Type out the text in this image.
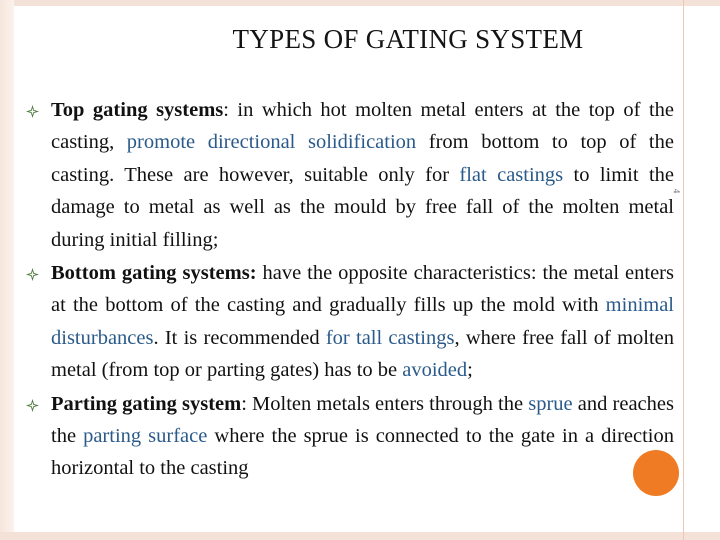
4
TYPES OF GATING SYSTEM
Top gating systems: in which hot molten metal enters at the top of the casting, promote directional solidification from bottom to top of the casting. These are however, suitable only for flat castings to limit the damage to metal as well as the mould by free fall of the molten metal during initial filling;
Bottom gating systems: have the opposite characteristics: the metal enters at the bottom of the casting and gradually fills up the mold with minimal disturbances. It is recommended for tall castings, where free fall of molten metal (from top or parting gates) has to be avoided;
Parting gating system: Molten metals enters through the sprue and reaches the parting surface where the sprue is connected to the gate in a direction horizontal to the casting
